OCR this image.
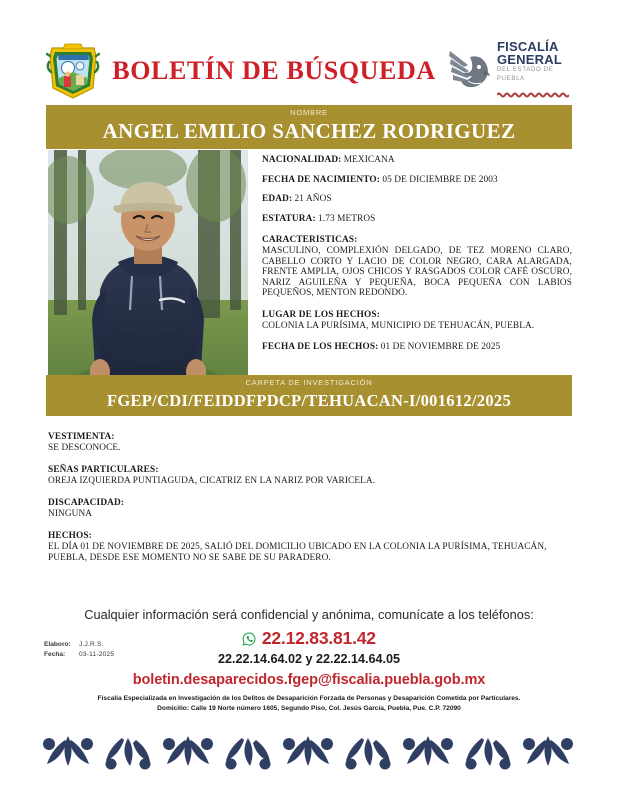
BOLETÍN DE BÚSQUEDA
FISCALÍA
GENERAL
DEL ESTADO DE PUEBLA
NOMBRE
ANGEL EMILIO SANCHEZ RODRIGUEZ
NACIONALIDAD: MEXICANA
FECHA DE NACIMIENTO: 05 DE DICIEMBRE DE 2003
EDAD: 21 AÑOS
ESTATURA: 1.73 METROS
CARACTERISTICAS:
MASCULINO, COMPLEXIÓN DELGADO, DE TEZ MORENO CLARO, CABELLO CORTO Y LACIO DE COLOR NEGRO, CARA ALARGADA, FRENTE AMPLIA, OJOS CHICOS Y RASGADOS COLOR CAFÉ OSCURO, NARIZ AGUILEÑA Y PEQUEÑA, BOCA PEQUEÑA CON LABIOS PEQUEÑOS, MENTON REDONDO.
LUGAR DE LOS HECHOS:
COLONIA LA PURÍSIMA, MUNICIPIO DE TEHUACÁN, PUEBLA.
FECHA DE LOS HECHOS: 01 DE NOVIEMBRE DE 2025
CARPETA DE INVESTIGACIÓN
FGEP/CDI/FEIDDFPDCP/TEHUACAN-I/001612/2025
VESTIMENTA:
SE DESCONOCE.
SEÑAS PARTICULARES:
OREJA IZQUIERDA PUNTIAGUDA, CICATRIZ EN LA NARIZ POR VARICELA.
DISCAPACIDAD:
NINGUNA
HECHOS:
EL DÍA 01 DE NOVIEMBRE DE 2025, SALIÓ DEL DOMICILIO UBICADO EN LA COLONIA LA PURÍSIMA, TEHUACÁN, PUEBLA, DESDE ESE MOMENTO NO SE SABE DE SU PARADERO.
Cualquier información será confidencial y anónima, comunícate a los teléfonos:
22.12.83.81.42
22.22.14.64.02 y 22.22.14.64.05
Elaboro:	J.J.R.S.
Fecha:	03-11-2025
boletin.desaparecidos.fgep@fiscalia.puebla.gob.mx
Fiscalía Especializada en Investigación de los Delitos de Desaparición Forzada de Personas y Desaparición Cometida por Particulares.
Domicilio: Calle 19 Norte número 1605, Segundo Piso, Col. Jesús García, Puebla, Pue. C.P. 72090
